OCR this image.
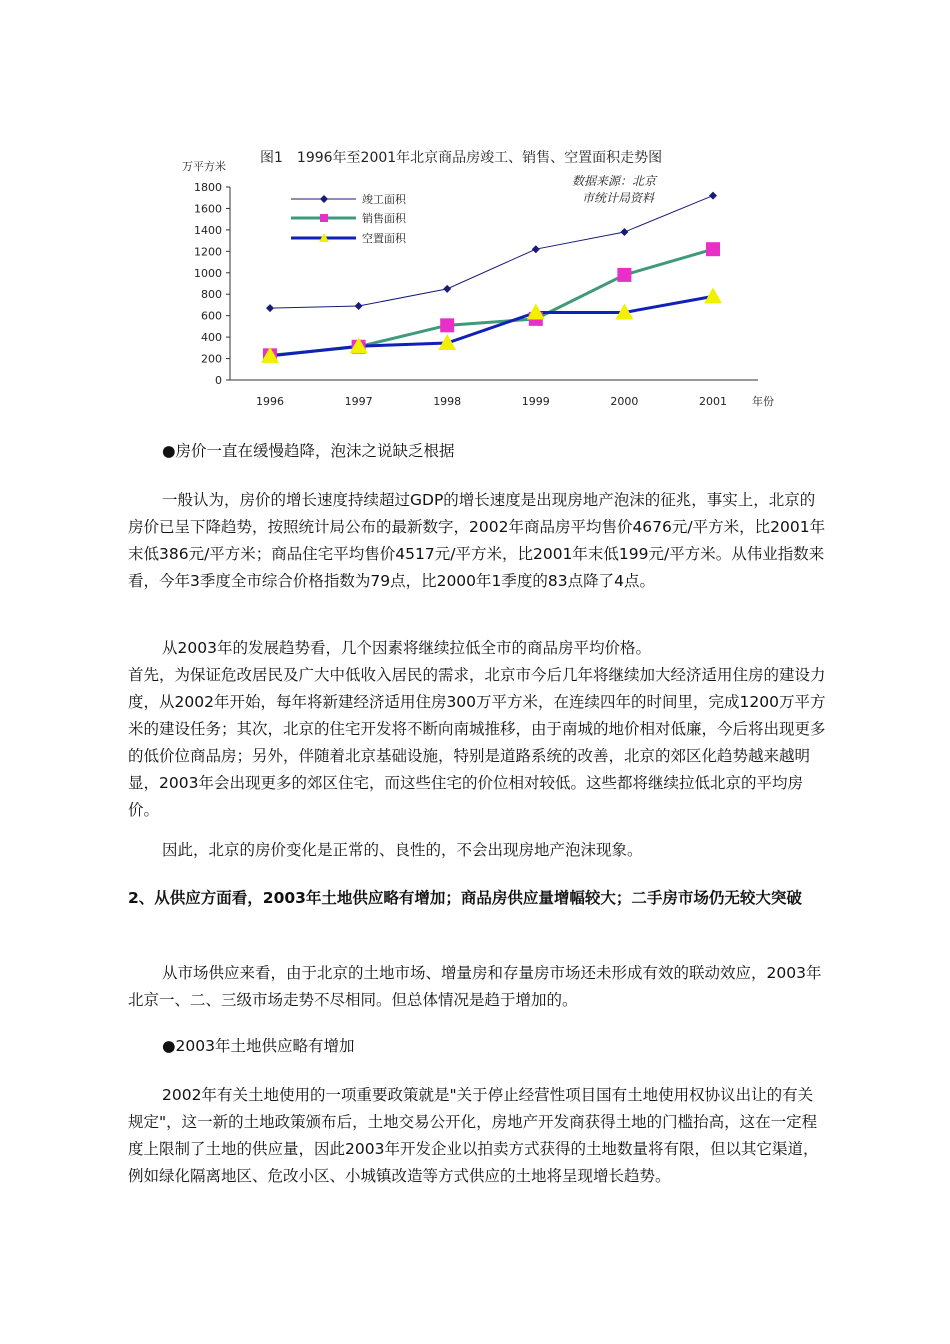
图1　1996年至2001年北京商品房竣工、销售、空置面积走势图
数据来源：北京
市统计局资料
万平方米
年份
0
200
400
600
800
1000
1200
1400
1600
1800
1996	1997	1998	1999	2000	2001
竣工面积
销售面积
空置面积
●房价一直在缓慢趋降，泡沫之说缺乏根据

一般认为，房价的增长速度持续超过GDP的增长速度是出现房地产泡沫的征兆，事实上，北京的房价已呈下降趋势，按照统计局公布的最新数字，2002年商品房平均售价4676元/平方米，比2001年末低386元/平方米；商品住宅平均售价4517元/平方米，比2001年末低199元/平方米。从伟业指数来看，今年3季度全市综合价格指数为79点，比2000年1季度的83点降了4点。

从2003年的发展趋势看，几个因素将继续拉低全市的商品房平均价格。

首先，为保证危改居民及广大中低收入居民的需求，北京市今后几年将继续加大经济适用住房的建设力度，从2002年开始，每年将新建经济适用住房300万平方米，在连续四年的时间里，完成1200万平方米的建设任务；其次，北京的住宅开发将不断向南城推移，由于南城的地价相对低廉，今后将出现更多的低价位商品房；另外，伴随着北京基础设施，特别是道路系统的改善，北京的郊区化趋势越来越明显，2003年会出现更多的郊区住宅，而这些住宅的价位相对较低。这些都将继续拉低北京的平均房价。

因此，北京的房价变化是正常的、良性的，不会出现房地产泡沫现象。

2、从供应方面看，2003年土地供应略有增加；商品房供应量增幅较大；二手房市场仍无较大突破

从市场供应来看，由于北京的土地市场、增量房和存量房市场还未形成有效的联动效应，2003年北京一、二、三级市场走势不尽相同。但总体情况是趋于增加的。

●2003年土地供应略有增加

2002年有关土地使用的一项重要政策就是"关于停止经营性项目国有土地使用权协议出让的有关规定"，这一新的土地政策颁布后，土地交易公开化，房地产开发商获得土地的门槛抬高，这在一定程度上限制了土地的供应量，因此2003年开发企业以拍卖方式获得的土地数量将有限，但以其它渠道，例如绿化隔离地区、危改小区、小城镇改造等方式供应的土地将呈现增长趋势。
